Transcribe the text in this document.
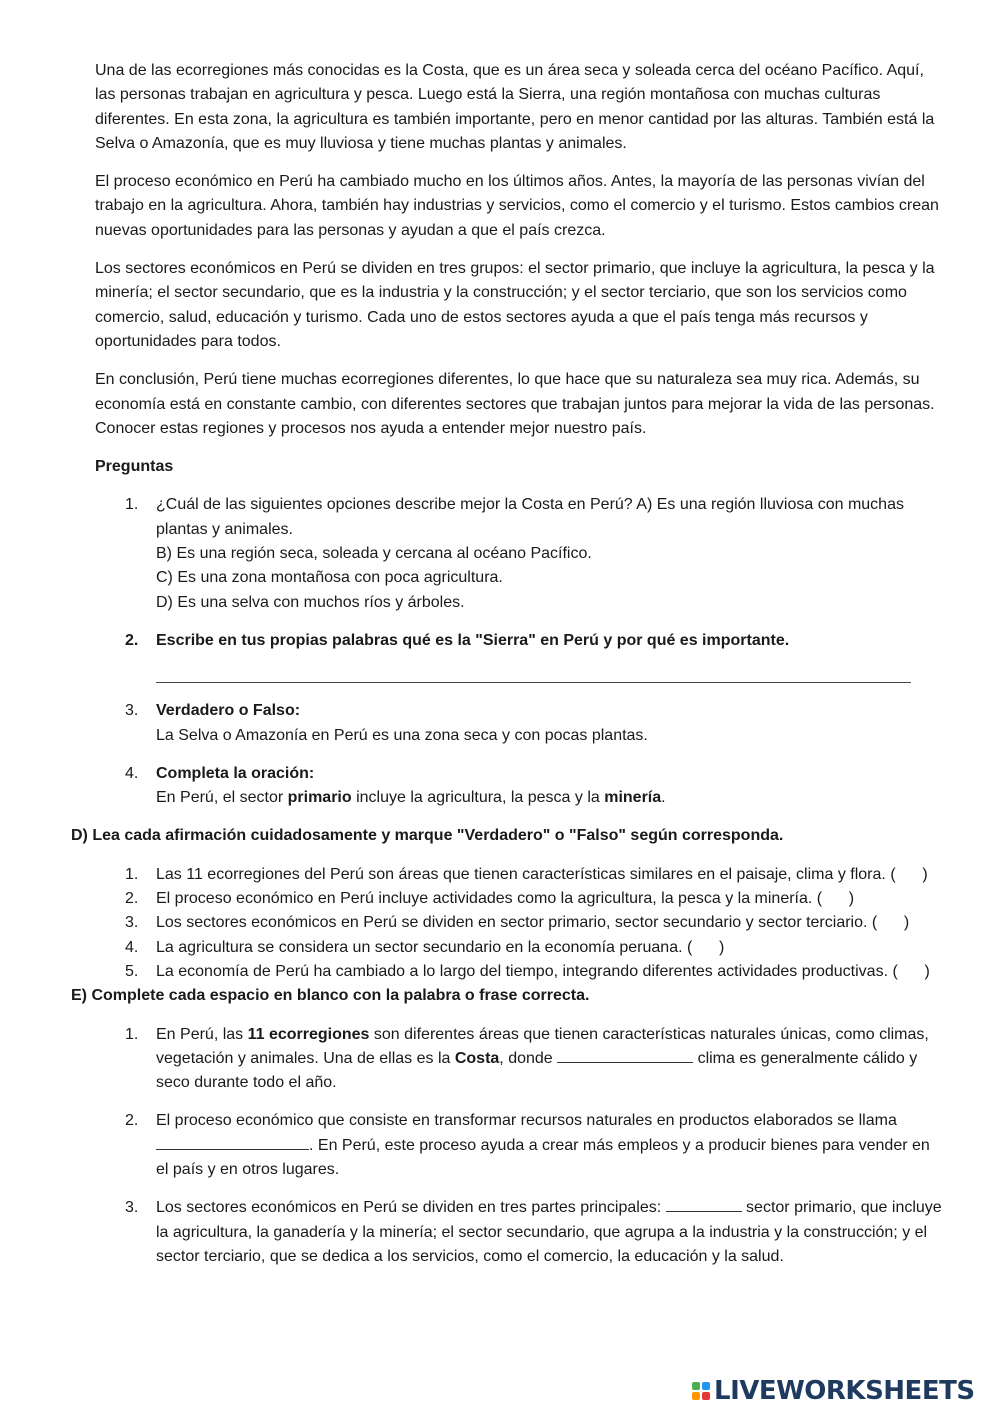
Una de las ecorregiones más conocidas es la Costa, que es un área seca y soleada cerca del océano Pacífico. Aquí, las personas trabajan en agricultura y pesca. Luego está la Sierra, una región montañosa con muchas culturas diferentes. En esta zona, la agricultura es también importante, pero en menor cantidad por las alturas. También está la Selva o Amazonía, que es muy lluviosa y tiene muchas plantas y animales.

El proceso económico en Perú ha cambiado mucho en los últimos años. Antes, la mayoría de las personas vivían del trabajo en la agricultura. Ahora, también hay industrias y servicios, como el comercio y el turismo. Estos cambios crean nuevas oportunidades para las personas y ayudan a que el país crezca.

Los sectores económicos en Perú se dividen en tres grupos: el sector primario, que incluye la agricultura, la pesca y la minería; el sector secundario, que es la industria y la construcción; y el sector terciario, que son los servicios como comercio, salud, educación y turismo. Cada uno de estos sectores ayuda a que el país tenga más recursos y oportunidades para todos.

En conclusión, Perú tiene muchas ecorregiones diferentes, lo que hace que su naturaleza sea muy rica. Además, su economía está en constante cambio, con diferentes sectores que trabajan juntos para mejorar la vida de las personas. Conocer estas regiones y procesos nos ayuda a entender mejor nuestro país.

Preguntas
1. ¿Cuál de las siguientes opciones describe mejor la Costa en Perú? A) Es una región lluviosa con muchas plantas y animales.
B) Es una región seca, soleada y cercana al océano Pacífico.
C) Es una zona montañosa con poca agricultura.
D) Es una selva con muchos ríos y árboles.
2. Escribe en tus propias palabras qué es la "Sierra" en Perú y por qué es importante.
3. Verdadero o Falso:
La Selva o Amazonía en Perú es una zona seca y con pocas plantas.
4. Completa la oración:
En Perú, el sector primario incluye la agricultura, la pesca y la minería.
D) Lea cada afirmación cuidadosamente y marque "Verdadero" o "Falso" según corresponda.
1. Las 11 ecorregiones del Perú son áreas que tienen características similares en el paisaje, clima y flora. (      )
2. El proceso económico en Perú incluye actividades como la agricultura, la pesca y la minería. (      )
3. Los sectores económicos en Perú se dividen en sector primario, sector secundario y sector terciario. (      )
4. La agricultura se considera un sector secundario en la economía peruana. (      )
5. La economía de Perú ha cambiado a lo largo del tiempo, integrando diferentes actividades productivas. (      )
E) Complete cada espacio en blanco con la palabra o frase correcta.
1. En Perú, las 11 ecorregiones son diferentes áreas que tienen características naturales únicas, como climas, vegetación y animales. Una de ellas es la Costa, donde	clima es generalmente cálido y seco durante todo el año.
2. El proceso económico que consiste en transformar recursos naturales en productos elaborados se llama . En Perú, este proceso ayuda a crear más empleos y a producir bienes para vender en el país y en otros lugares.
3. Los sectores económicos en Perú se dividen en tres partes principales:	sector primario, que incluye la agricultura, la ganadería y la minería; el sector secundario, que agrupa a la industria y la construcción; y el sector terciario, que se dedica a los servicios, como el comercio, la educación y la salud.
LIVEWORKSHEETS
